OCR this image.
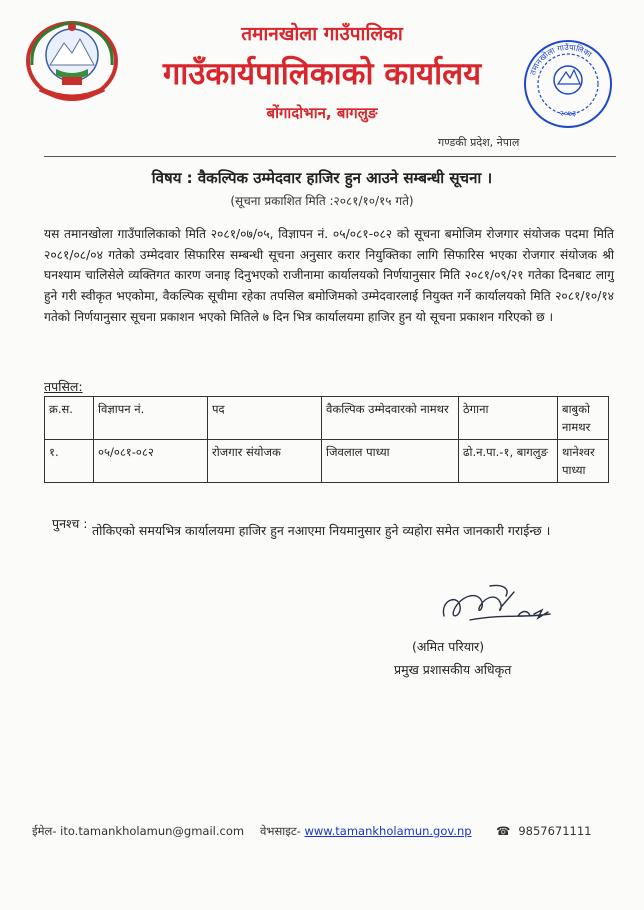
तमानखोला गाउँपालिका
२०७३
तमानखोला गाउँपालिका
गाउँकार्यपालिकाको कार्यालय
बोंगादोभान, बागलुङ
गण्डकी प्रदेश, नेपाल
विषय : वैकल्पिक उम्मेदवार हाजिर हुन आउने सम्बन्धी सूचना ।
(सूचना प्रकाशित मिति :२०८१/१०/१५ गते)
यस तमानखोला गाउँपालिकाको मिति २०८१/०७/०५, विज्ञापन नं. ०५/०८१-०८२ को सूचना बमोजिम रोजगार संयोजक पदमा मिति २०८१/०८/०४ गतेको उम्मेदवार सिफारिस सम्बन्धी सूचना अनुसार करार नियुक्तिका लागि सिफारिस भएका रोजगार संयोजक श्री घनश्याम चालिसेले व्यक्तिगत कारण जनाइ दिनुभएको राजीनामा कार्यालयको निर्णयानुसार मिति २०८१/०९/२१ गतेका दिनबाट लागु हुने गरी स्वीकृत भएकोमा, वैकल्पिक सूचीमा रहेका तपसिल बमोजिमको उम्मेदवारलाई नियुक्त गर्ने कार्यालयको मिति २०८१/१०/१४ गतेको निर्णयानुसार सूचना प्रकाशन भएको मितिले ७ दिन भित्र कार्यालयमा हाजिर हुन यो सूचना प्रकाशन गरिएको छ ।
तपसिल:
क्र.स.	विज्ञापन नं.	पद	वैकल्पिक उम्मेदवारको नामथर	ठेगाना	बाबुको नामथर
१.	०५/०८१-०८२	रोजगार संयोजक	जिवलाल पाध्या	ढो.न.पा.-१, बागलुङ	थानेश्वर पाध्या
पुनश्च : तोकिएको समयभित्र कार्यालयमा हाजिर हुन नआएमा नियमानुसार हुने व्यहोरा समेत जानकारी गराईन्छ ।
(अमित परियार)
प्रमुख प्रशासकीय अधिकृत
ईमेल- ito.tamankholamun@gmail.com वेभसाइट- www.tamankholamun.gov.np ☎ 9857671111
